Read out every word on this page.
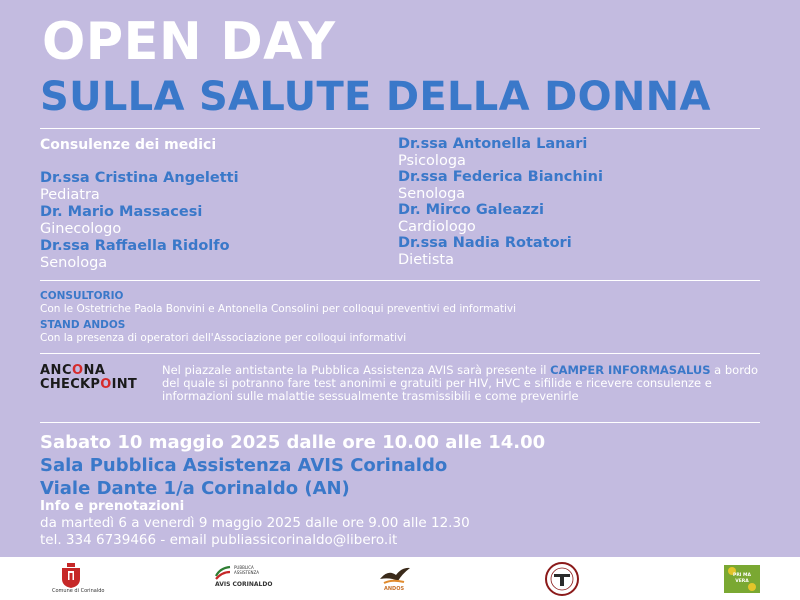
OPEN DAY
SULLA SALUTE DELLA DONNA
Consulenze dei medici
Dr.ssa Cristina Angeletti
Pediatra
Dr. Mario Massacesi
Ginecologo
Dr.ssa Raffaella Ridolfo
Senologa
Dr.ssa Antonella Lanari
Psicologa
Dr.ssa Federica Bianchini
Senologa
Dr. Mirco Galeazzi
Cardiologo
Dr.ssa Nadia Rotatori
Dietista
CONSULTORIO
Con le Ostetriche Paola Bonvini e Antonella Consolini per colloqui preventivi ed informativi
STAND ANDOS
Con la presenza di operatori dell'Associazione per colloqui informativi
ANCONA
CHECKPOINT
Nel piazzale antistante la Pubblica Assistenza AVIS sarà presente il CAMPER INFORMASALUS a bordo del quale si potranno fare test anonimi e gratuiti per HIV, HVC e sifilide e ricevere consulenze e informazioni sulle malattie sessualmente trasmissibili e come prevenirle
Sabato 10 maggio 2025 dalle ore 10.00 alle 14.00
Sala Pubblica Assistenza AVIS Corinaldo
Viale Dante 1/a Corinaldo (AN)
Info e prenotazioni
da martedì 6 a venerdì 9 maggio 2025 dalle ore 9.00 alle 12.30
tel. 334 6739466 - email publiassicorinaldo@libero.it
Comune di Corinaldo
PUBBLICA
ASSISTENZA
AVIS CORINALDO
ANDOS
PRI MA VERA
